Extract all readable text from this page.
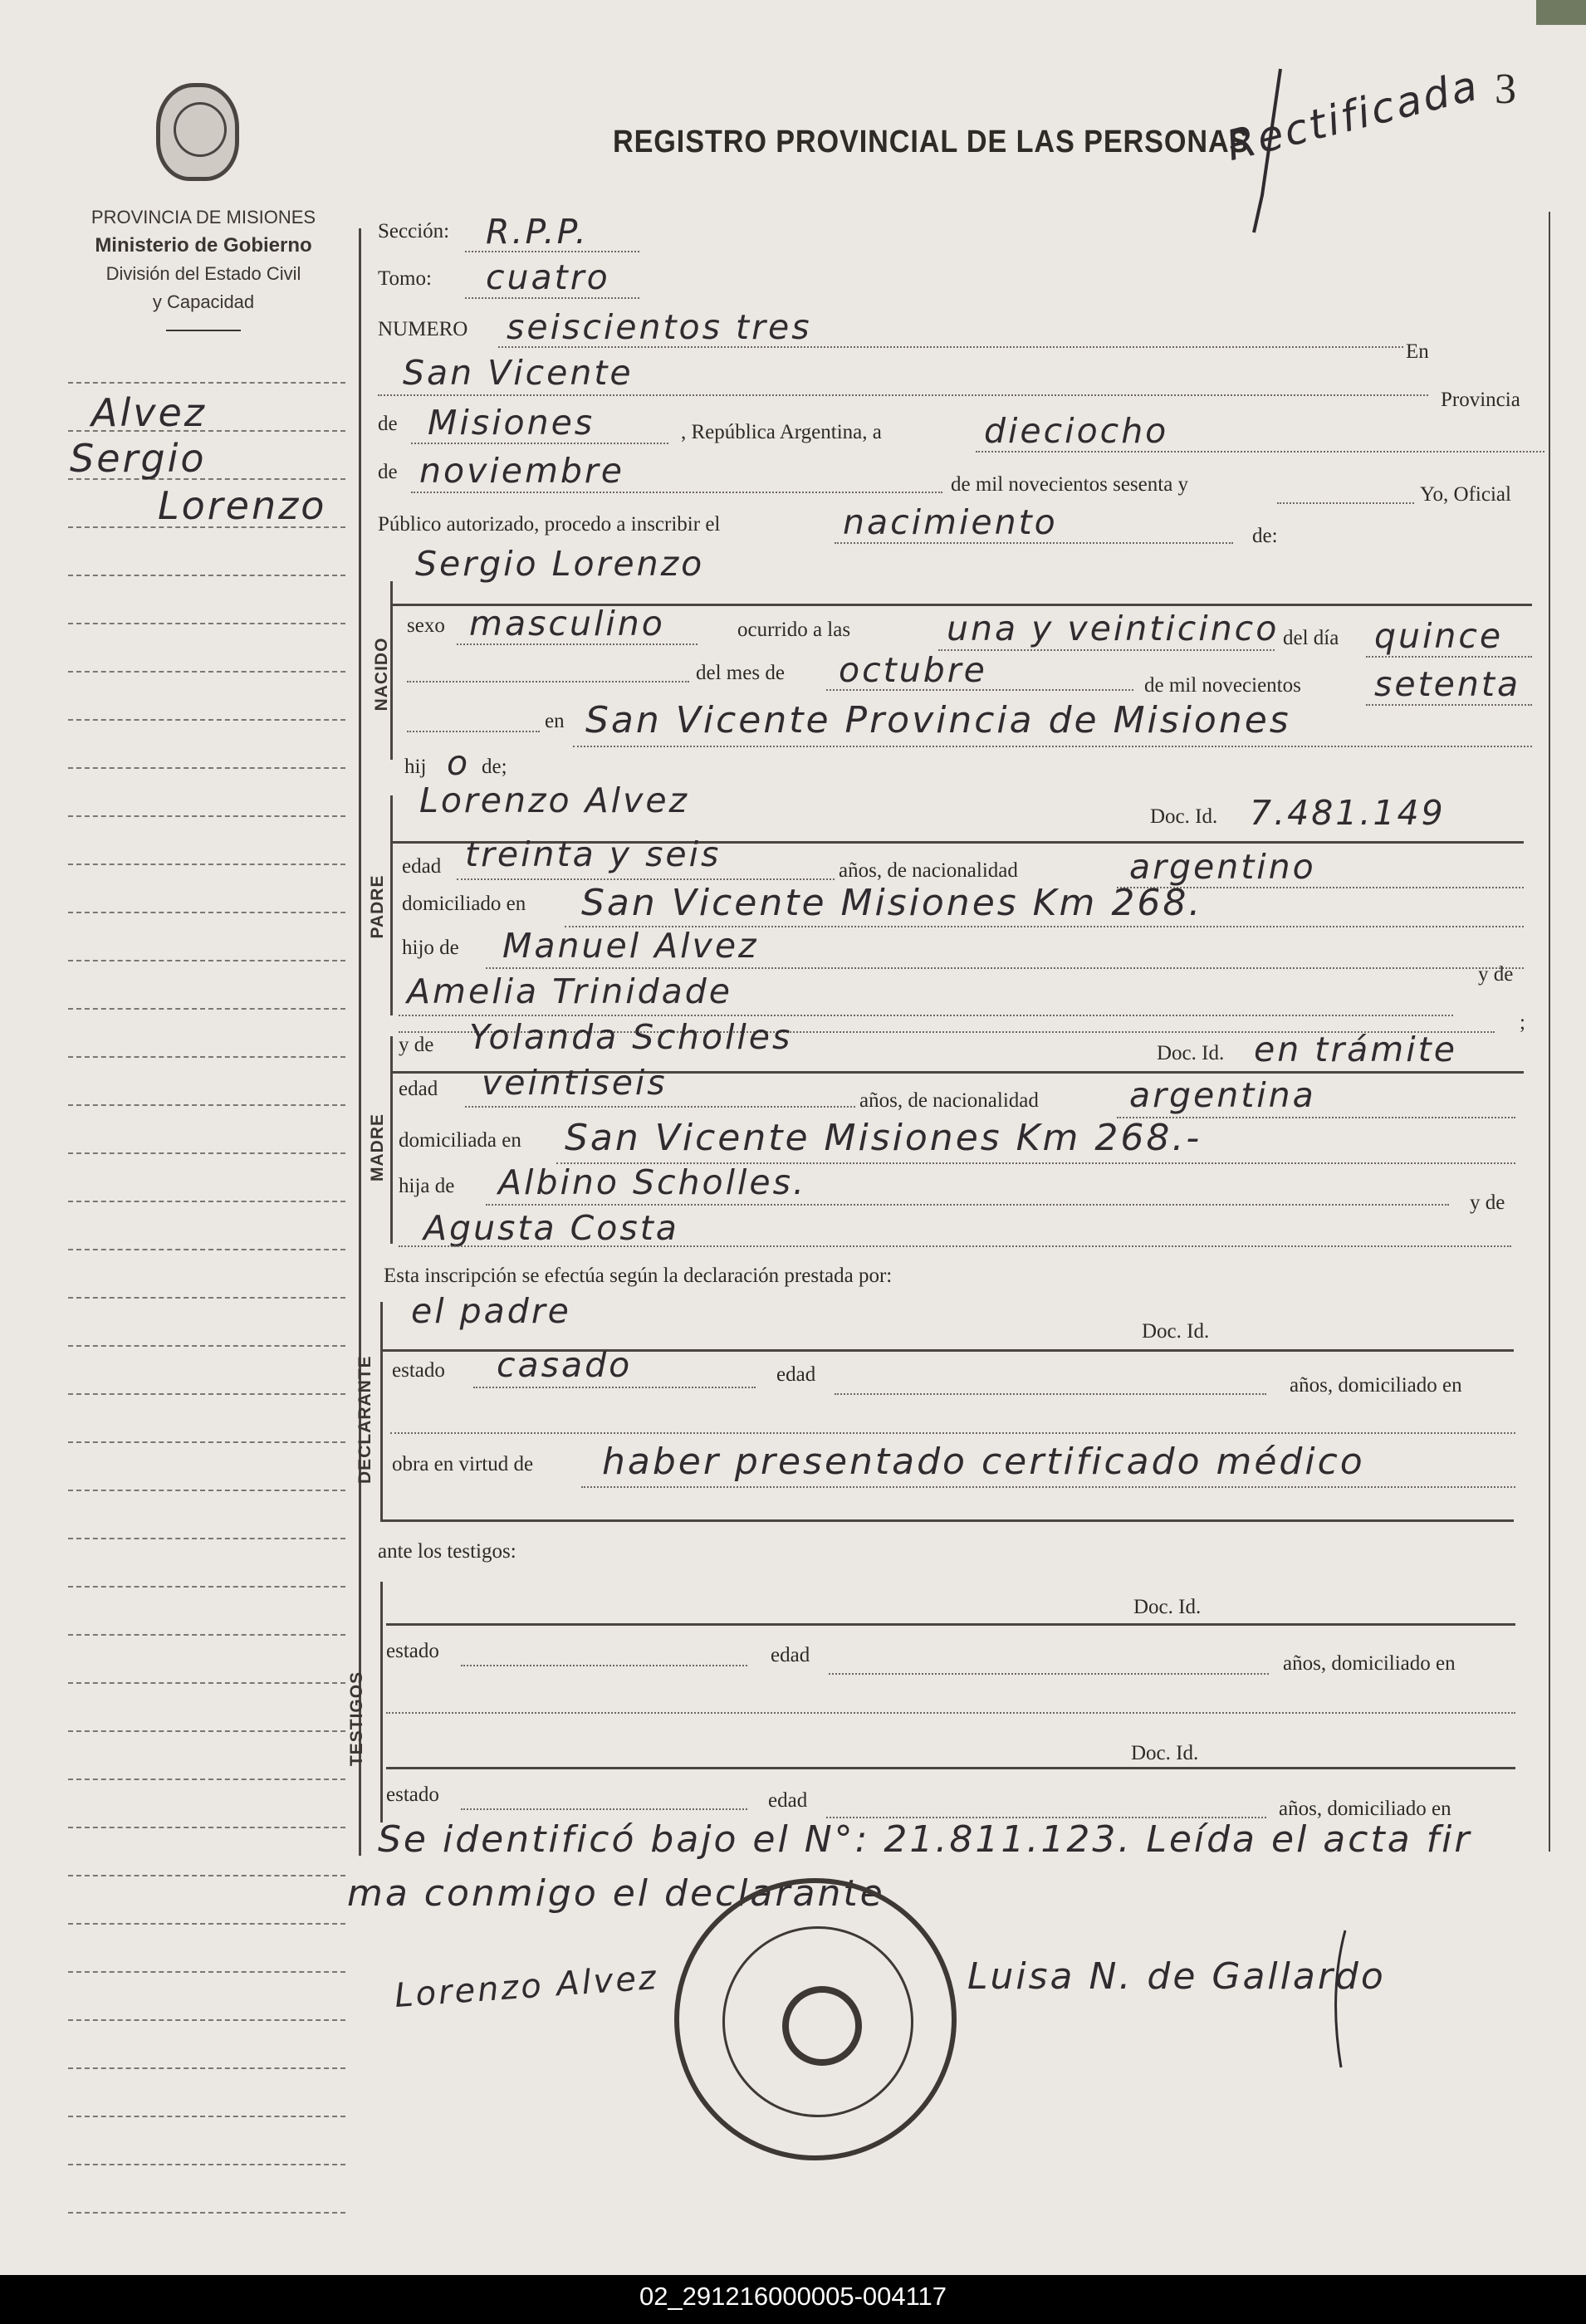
3
REGISTRO PROVINCIAL DE LAS PERSONAS
Rectificada
PROVINCIA DE MISIONES
Ministerio de Gobierno
División del Estado Civil
y Capacidad
Alvez
Sergio
Lorenzo
Sección: R.P.P.
Tomo: cuatro
NUMERO seiscientos tres
En
San Vicente
Provincia
de Misiones	, República Argentina, a	dieciocho
de noviembre	de mil novecientos sesenta y	Yo, Oficial
Público autorizado, procedo a inscribir el	nacimiento	de:
Sergio Lorenzo
NACIDO
sexo masculino	ocurrido a las	una y veinticinco del día quince
del mes de octubre	de mil novecientos setenta
en San Vicente Provincia de Misiones
hij o de;
PADRE
Lorenzo Alvez	Doc. Id. 7.481.149
edad treinta y seis	años, de nacionalidad	argentino
domiciliado en San Vicente Misiones Km 268.
hijo de Manuel Alvez
Amelia Trinidade	y de
;
MADRE
y de Yolanda Scholles	Doc. Id. en trámite
edad veintiseis	años, de nacionalidad	argentina
domiciliada en San Vicente Misiones Km 268.-
hija de Albino Scholles.
y de
Agusta Costa
Esta inscripción se efectúa según la declaración prestada por:
DECLARANTE
el padre
Doc. Id.
estado casado	edad	años, domiciliado en
obra en virtud de haber presentado certificado médico
ante los testigos:
TESTIGOS
Doc. Id.
estado	edad	años, domiciliado en
Doc. Id.
estado	edad	años, domiciliado en
Se identificó bajo el N°: 21.811.123. Leída el acta fir
ma conmigo el declarante
Lorenzo Alvez	Luisa N. de Gallardo
02_291216000005-004117
